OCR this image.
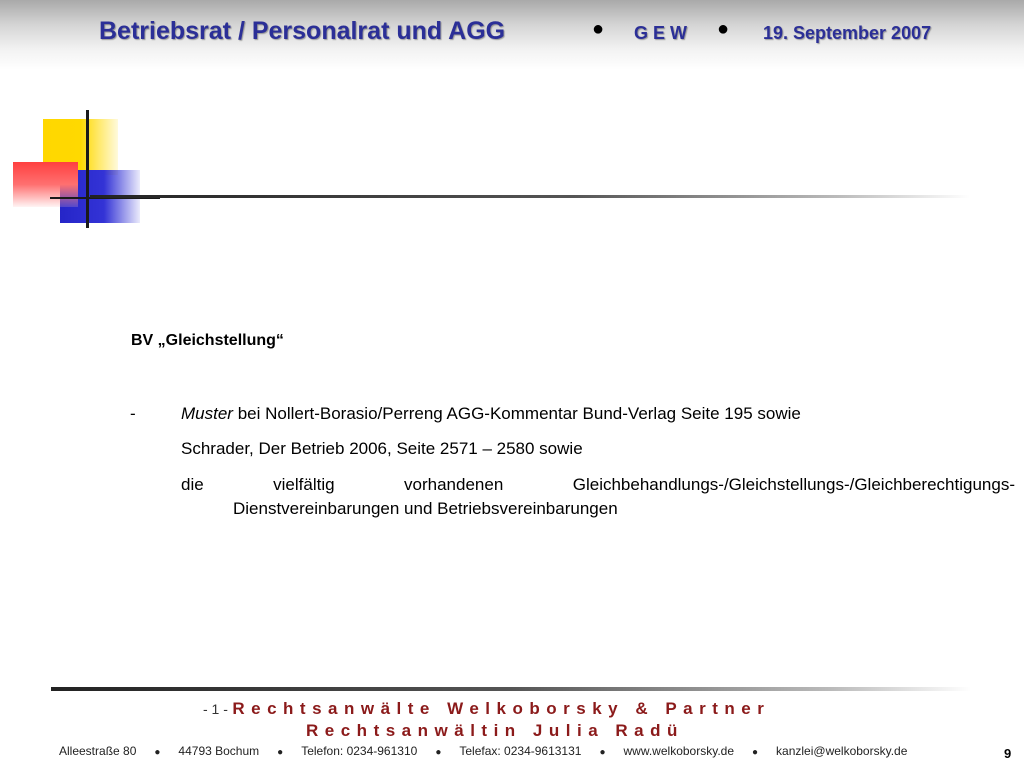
Betriebsrat / Personalrat und AGG	● G E W ● 19. September 2007
BV „Gleichstellung“
-	Muster bei Nollert-Borasio/Perreng AGG-Kommentar Bund-Verlag Seite 195 sowie
Schrader, Der Betrieb 2006, Seite 2571 – 2580 sowie
die	vielfältig	vorhandenen	Gleichbehandlungs-/Gleichstellungs-/Gleichberechtigungs-
Dienstvereinbarungen und Betriebsvereinbarungen
- 1 - Rechtsanwälte Welkoborsky & Partner
Rechtsanwältin Julia Radü
Alleestraße 80 ● 44793 Bochum ● Telefon: 0234-961310 ● Telefax: 0234-9613131 ● www.welkoborsky.de ● kanzlei@welkoborsky.de	9
